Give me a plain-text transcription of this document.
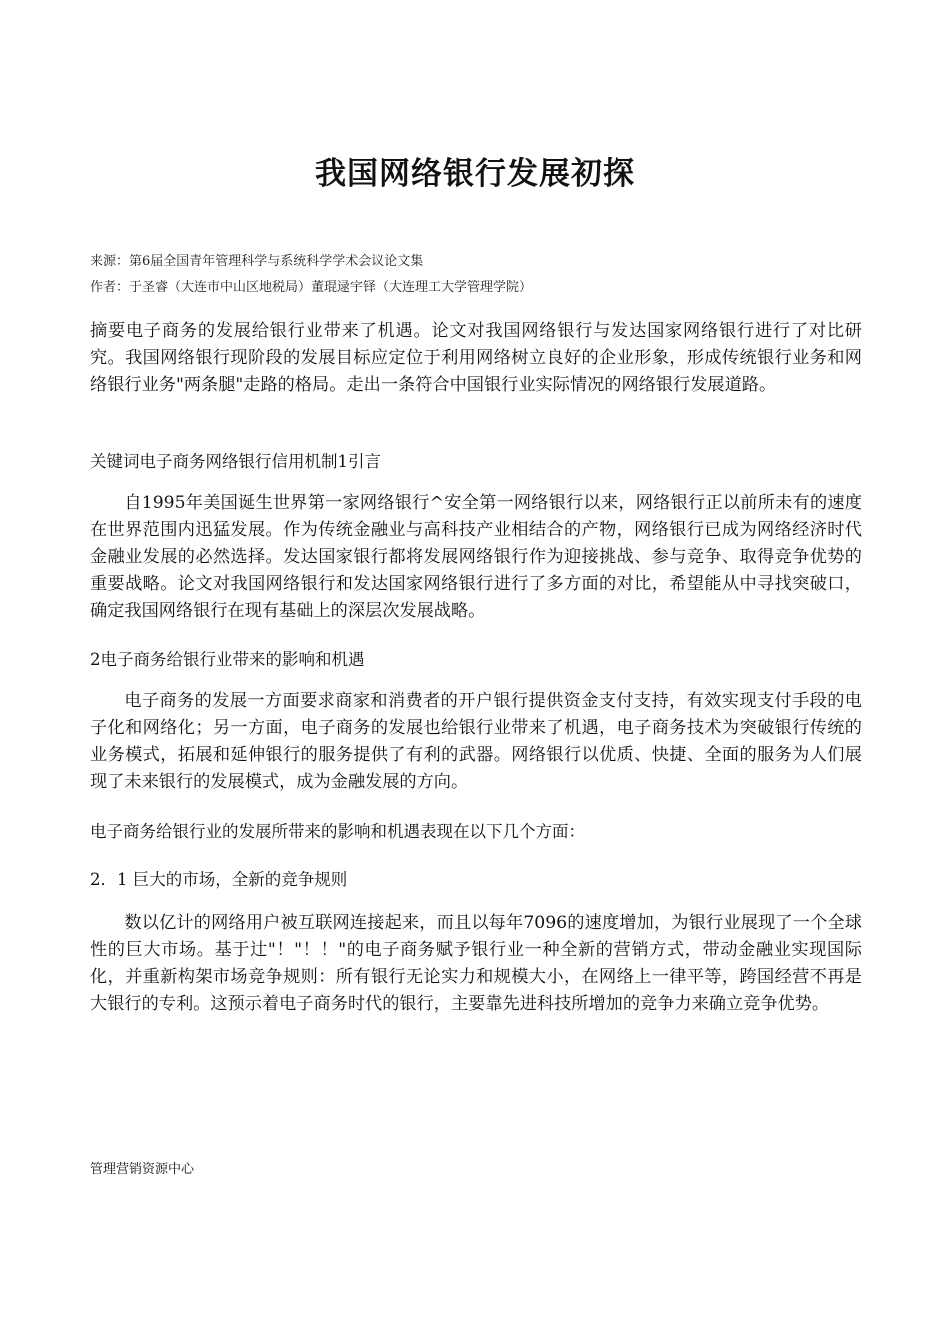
我国网络银行发展初探
来源：第6届全国青年管理科学与系统科学学术会议论文集
作者：于圣睿（大连市中山区地税局）董琨逯宇铎（大连理工大学管理学院）

摘要电子商务的发展给银行业带来了机遇。论文对我国网络银行与发达国家网络银行进行了对比研究。我国网络银行现阶段的发展目标应定位于利用网络树立良好的企业形象，形成传统银行业务和网络银行业务"两条腿"走路的格局。走出一条符合中国银行业实际情况的网络银行发展道路。

关键词电子商务网络银行信用机制1引言

自1995年美国诞生世界第一家网络银行^安全第一网络银行以来，网络银行正以前所未有的速度在世界范围内迅猛发展。作为传统金融业与高科技产业相结合的产物，网络银行已成为网络经济时代金融业发展的必然选择。发达国家银行都将发展网络银行作为迎接挑战、参与竞争、取得竞争优势的重要战略。论文对我国网络银行和发达国家网络银行进行了多方面的对比，希望能从中寻找突破口，确定我国网络银行在现有基础上的深层次发展战略。

2电子商务给银行业带来的影响和机遇

电子商务的发展一方面要求商家和消费者的开户银行提供资金支付支持，有效实现支付手段的电子化和网络化；另一方面，电子商务的发展也给银行业带来了机遇，电子商务技术为突破银行传统的业务模式，拓展和延伸银行的服务提供了有利的武器。网络银行以优质、快捷、全面的服务为人们展现了未来银行的发展模式，成为金融发展的方向。

电子商务给银行业的发展所带来的影响和机遇表现在以下几个方面：

2．1 巨大的市场，全新的竞争规则

数以亿计的网络用户被互联网连接起来，而且以每年7096的速度增加，为银行业展现了一个全球性的巨大市场。基于辻"！"！！"的电子商务赋予银行业一种全新的营销方式，带动金融业实现国际化，并重新构架市场竞争规则：所有银行无论实力和规模大小，在网络上一律平等，跨国经营不再是大银行的专利。这预示着电子商务时代的银行，主要靠先进科技所增加的竞争力来确立竞争优势。

管理营销资源中心
